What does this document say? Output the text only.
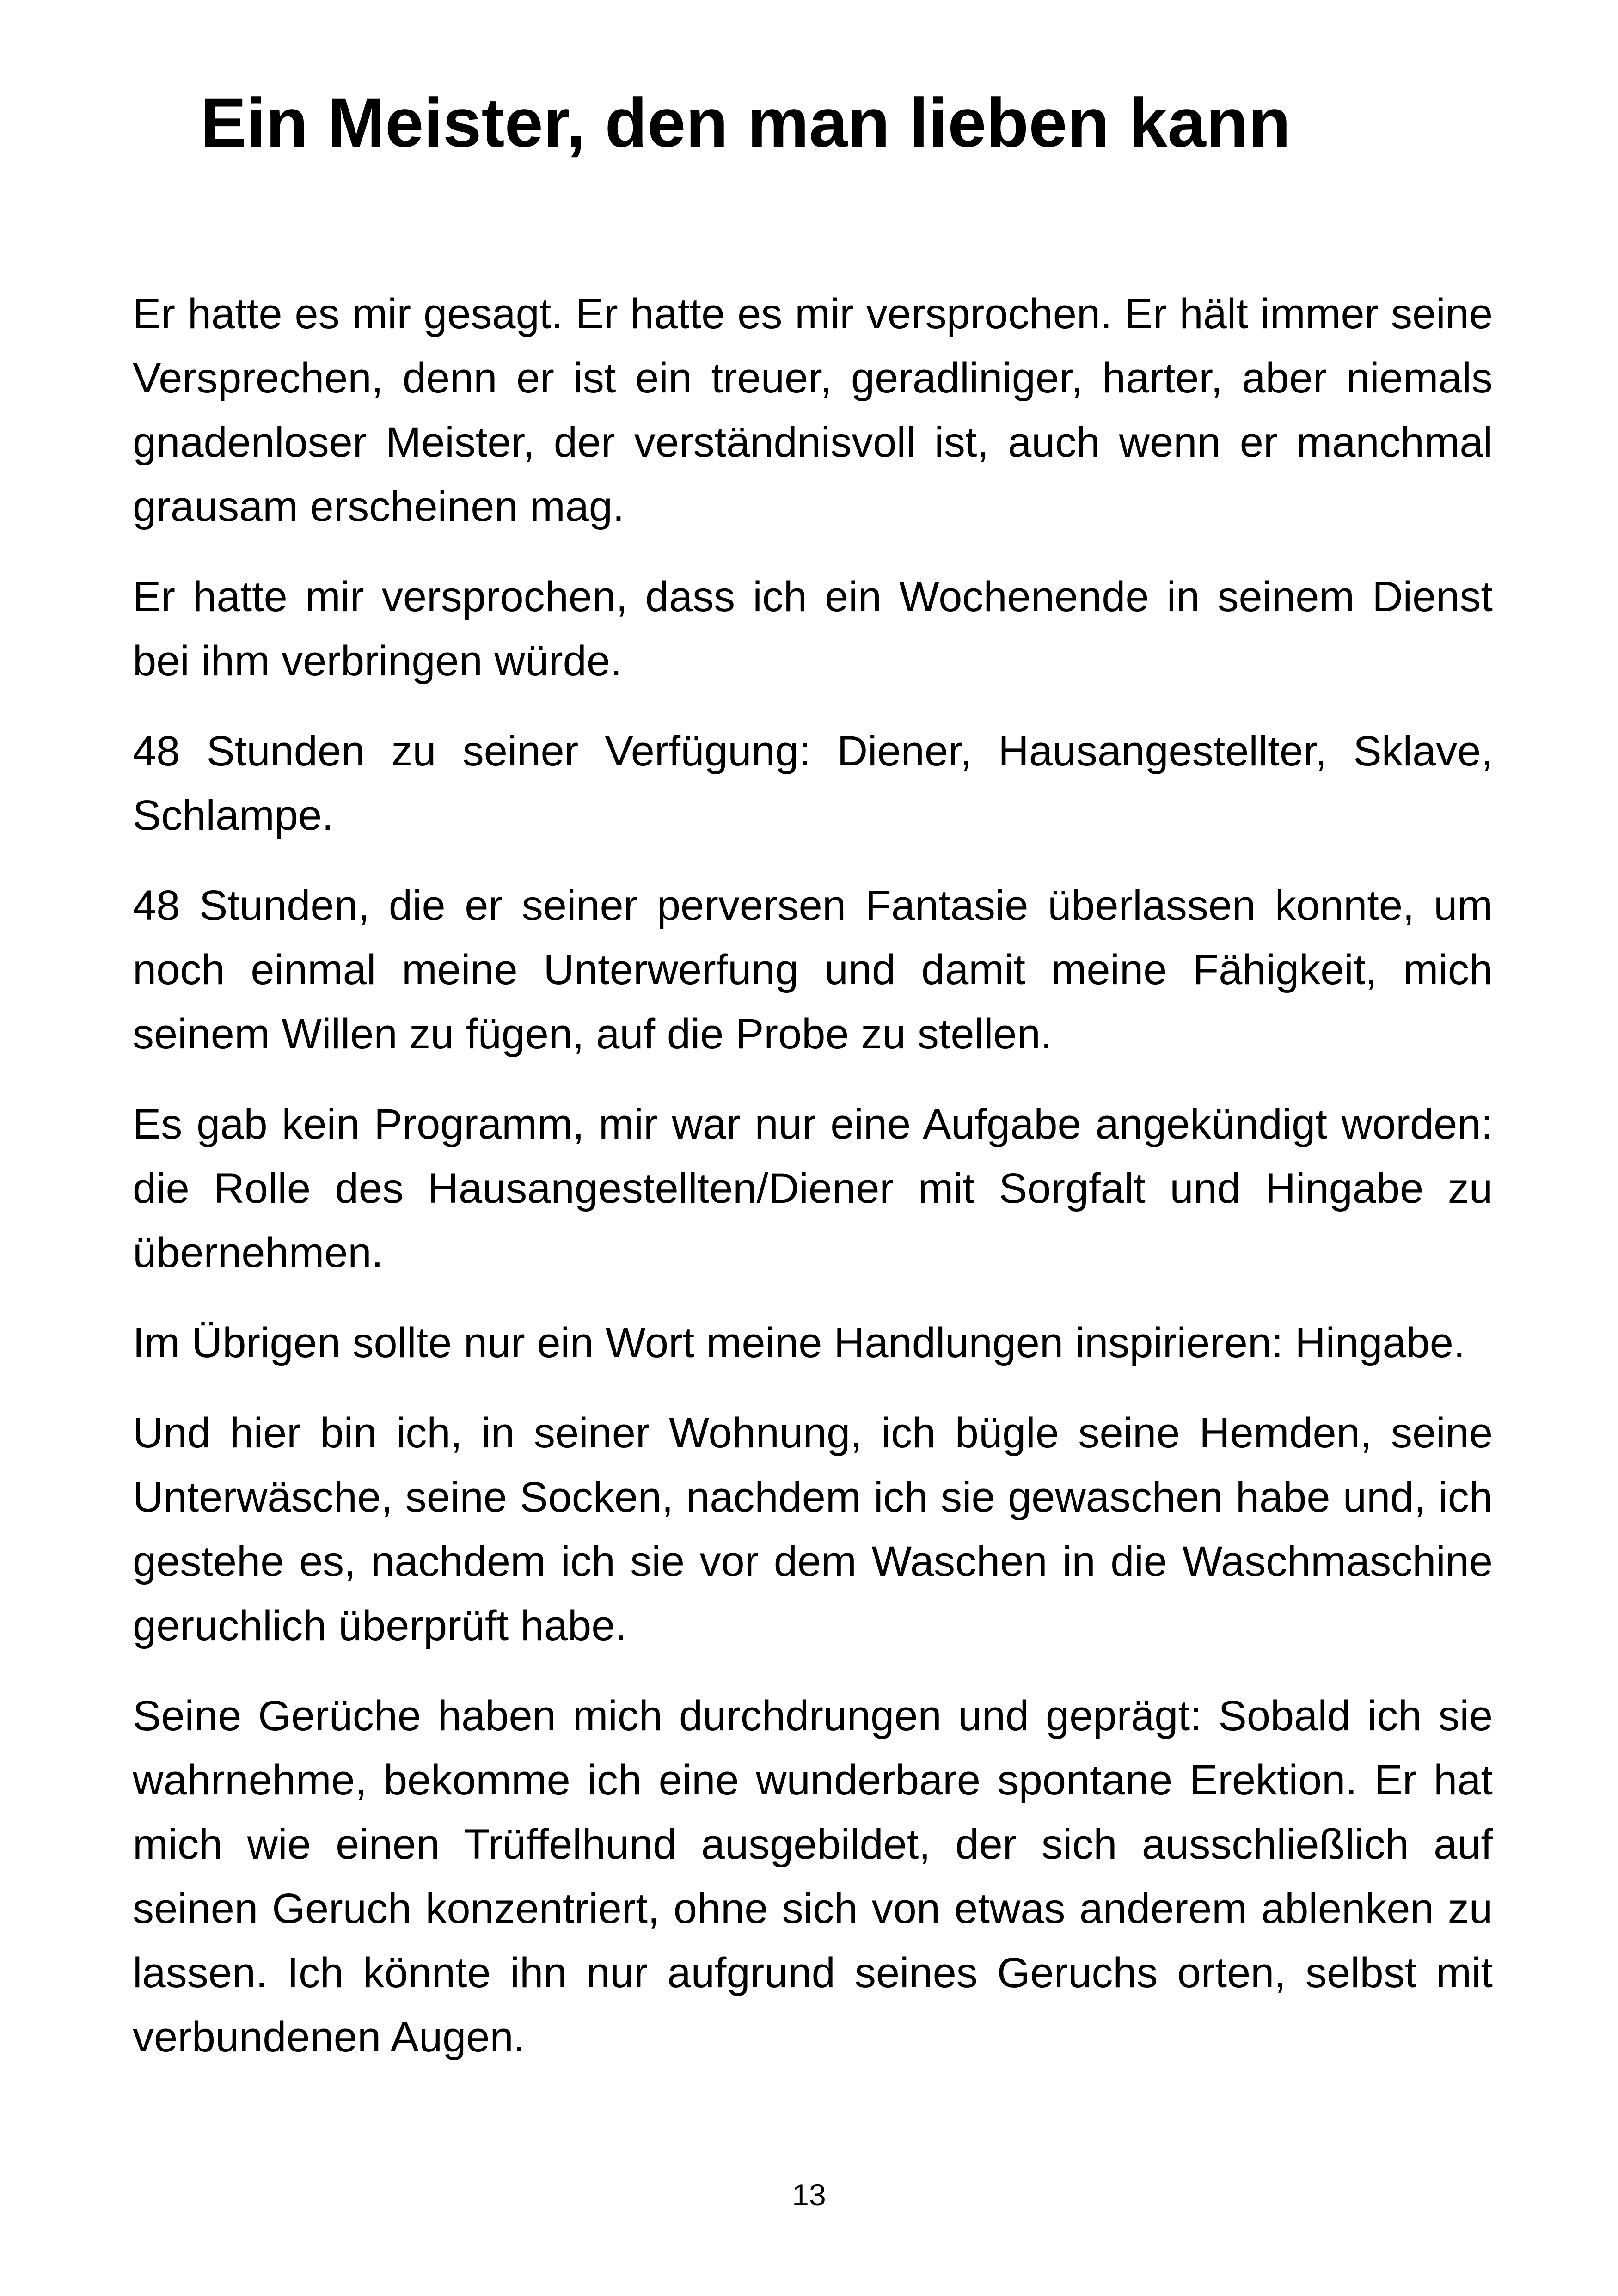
Ein Meister, den man lieben kann

Er hatte es mir gesagt. Er hatte es mir versprochen. Er hält immer seine Versprechen, denn er ist ein treuer, geradliniger, harter, aber niemals gnadenloser Meister, der verständnisvoll ist, auch wenn er manchmal grausam erscheinen mag.

Er hatte mir versprochen, dass ich ein Wochenende in seinem Dienst bei ihm verbringen würde.

48 Stunden zu seiner Verfügung: Diener, Hausangestellter, Sklave, Schlampe.

48 Stunden, die er seiner perversen Fantasie überlassen konnte, um noch einmal meine Unterwerfung und damit meine Fähigkeit, mich seinem Willen zu fügen, auf die Probe zu stellen.

Es gab kein Programm, mir war nur eine Aufgabe angekündigt worden: die Rolle des Hausangestellten/Diener mit Sorgfalt und Hingabe zu übernehmen.

Im Übrigen sollte nur ein Wort meine Handlungen inspirieren: Hingabe.

Und hier bin ich, in seiner Wohnung, ich bügle seine Hemden, seine Unterwäsche, seine Socken, nachdem ich sie gewaschen habe und, ich gestehe es, nachdem ich sie vor dem Waschen in die Waschmaschine geruchlich überprüft habe.

Seine Gerüche haben mich durchdrungen und geprägt: Sobald ich sie wahrnehme, bekomme ich eine wunderbare spontane Erektion. Er hat mich wie einen Trüffelhund ausgebildet, der sich ausschließlich auf seinen Geruch konzentriert, ohne sich von etwas anderem ablenken zu lassen. Ich könnte ihn nur aufgrund seines Geruchs orten, selbst mit verbundenen Augen.

13
